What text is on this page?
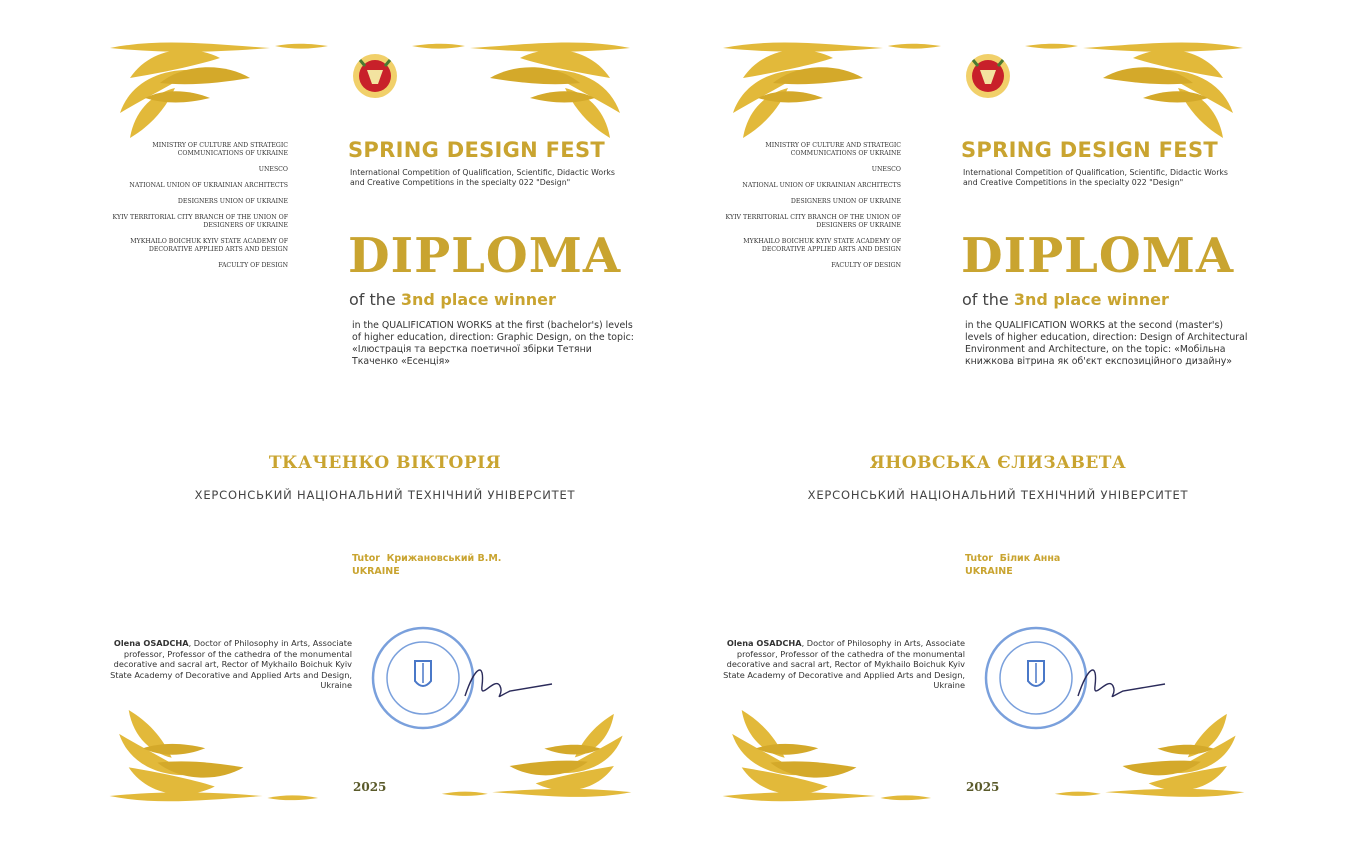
MINISTRY OF CULTURE AND STRATEGIC COMMUNICATIONS OF UKRAINE
UNESCO
NATIONAL UNION OF UKRAINIAN ARCHITECTS
DESIGNERS UNION OF UKRAINE
KYIV TERRITORIAL CITY BRANCH OF THE UNION OF DESIGNERS OF UKRAINE
MYKHAILO BOICHUK KYIV STATE ACADEMY OF DECORATIVE APPLIED ARTS AND DESIGN
FACULTY OF DESIGN
SPRING DESIGN FEST
International Competition of Qualification, Scientific, Didactic Works and Creative Competitions in the specialty 022 "Design"
DIPLOMA
of the 3nd place winner
in the QUALIFICATION WORKS at the first (bachelor's) levels of higher education, direction: Graphic Design, on the topic: «Ілюстрація та верстка поетичної збірки Тетяни Ткаченко «Есенція»
ТКАЧЕНКО ВІКТОРІЯ
ХЕРСОНСЬКИЙ НАЦІОНАЛЬНИЙ ТЕХНІЧНИЙ УНІВЕРСИТЕТ
Tutor Крижановський В.М.
UKRAINE
Olena OSADCHA, Doctor of Philosophy in Arts, Associate professor, Professor of the cathedra of the monumental decorative and sacral art, Rector of Mykhailo Boichuk Kyiv State Academy of Decorative and Applied Arts and Design, Ukraine
2025
MINISTRY OF CULTURE AND STRATEGIC COMMUNICATIONS OF UKRAINE
UNESCO
NATIONAL UNION OF UKRAINIAN ARCHITECTS
DESIGNERS UNION OF UKRAINE
KYIV TERRITORIAL CITY BRANCH OF THE UNION OF DESIGNERS OF UKRAINE
MYKHAILO BOICHUK KYIV STATE ACADEMY OF DECORATIVE APPLIED ARTS AND DESIGN
FACULTY OF DESIGN
SPRING DESIGN FEST
International Competition of Qualification, Scientific, Didactic Works and Creative Competitions in the specialty 022 "Design"
DIPLOMA
of the 3nd place winner
in the QUALIFICATION WORKS at the second (master's) levels of higher education, direction: Design of Architectural Environment and Architecture, on the topic: «Мобільна книжкова вітрина як об'єкт експозиційного дизайну»
ЯНОВСЬКА ЄЛИЗАВЕТА
ХЕРСОНСЬКИЙ НАЦІОНАЛЬНИЙ ТЕХНІЧНИЙ УНІВЕРСИТЕТ
Tutor Білик Анна
UKRAINE
Olena OSADCHA, Doctor of Philosophy in Arts, Associate professor, Professor of the cathedra of the monumental decorative and sacral art, Rector of Mykhailo Boichuk Kyiv State Academy of Decorative and Applied Arts and Design, Ukraine
2025
